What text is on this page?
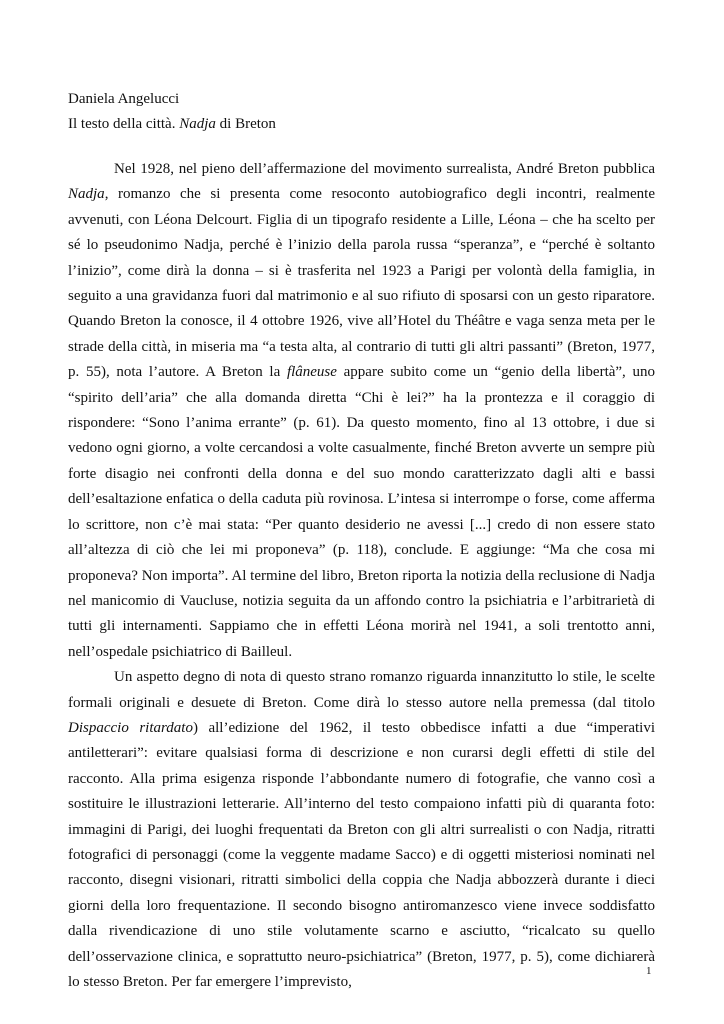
Daniela Angelucci
Il testo della città. Nadja di Breton

Nel 1928, nel pieno dell’affermazione del movimento surrealista, André Breton pubblica Nadja, romanzo che si presenta come resoconto autobiografico degli incontri, realmente avvenuti, con Léona Delcourt. Figlia di un tipografo residente a Lille, Léona – che ha scelto per sé lo pseudonimo Nadja, perché è l’inizio della parola russa “speranza”, e “perché è soltanto l’inizio”, come dirà la donna – si è trasferita nel 1923 a Parigi per volontà della famiglia, in seguito a una gravidanza fuori dal matrimonio e al suo rifiuto di sposarsi con un gesto riparatore. Quando Breton la conosce, il 4 ottobre 1926, vive all’Hotel du Théâtre e vaga senza meta per le strade della città, in miseria ma “a testa alta, al contrario di tutti gli altri passanti” (Breton, 1977, p. 55), nota l’autore. A Breton la flâneuse appare subito come un “genio della libertà”, uno “spirito dell’aria” che alla domanda diretta “Chi è lei?” ha la prontezza e il coraggio di rispondere: “Sono l’anima errante” (p. 61). Da questo momento, fino al 13 ottobre, i due si vedono ogni giorno, a volte cercandosi a volte casualmente, finché Breton avverte un sempre più forte disagio nei confronti della donna e del suo mondo caratterizzato dagli alti e bassi dell’esaltazione enfatica o della caduta più rovinosa. L’intesa si interrompe o forse, come afferma lo scrittore, non c’è mai stata: “Per quanto desiderio ne avessi [...] credo di non essere stato all’altezza di ciò che lei mi proponeva” (p. 118), conclude. E aggiunge: “Ma che cosa mi proponeva? Non importa”. Al termine del libro, Breton riporta la notizia della reclusione di Nadja nel manicomio di Vaucluse, notizia seguita da un affondo contro la psichiatria e l’arbitrarietà di tutti gli internamenti. Sappiamo che in effetti Léona morirà nel 1941, a soli trentotto anni, nell’ospedale psichiatrico di Bailleul.

Un aspetto degno di nota di questo strano romanzo riguarda innanzitutto lo stile, le scelte formali originali e desuete di Breton. Come dirà lo stesso autore nella premessa (dal titolo Dispaccio ritardato) all’edizione del 1962, il testo obbedisce infatti a due “imperativi antiletterari”: evitare qualsiasi forma di descrizione e non curarsi degli effetti di stile del racconto. Alla prima esigenza risponde l’abbondante numero di fotografie, che vanno così a sostituire le illustrazioni letterarie. All’interno del testo compaiono infatti più di quaranta foto: immagini di Parigi, dei luoghi frequentati da Breton con gli altri surrealisti o con Nadja, ritratti fotografici di personaggi (come la veggente madame Sacco) e di oggetti misteriosi nominati nel racconto, disegni visionari, ritratti simbolici della coppia che Nadja abbozzerà durante i dieci giorni della loro frequentazione. Il secondo bisogno antiromanzesco viene invece soddisfatto dalla rivendicazione di uno stile volutamente scarno e asciutto, “ricalcato su quello dell’osservazione clinica, e soprattutto neuro-psichiatrica” (Breton, 1977, p. 5), come dichiarerà lo stesso Breton. Per far emergere l’imprevisto,

1
